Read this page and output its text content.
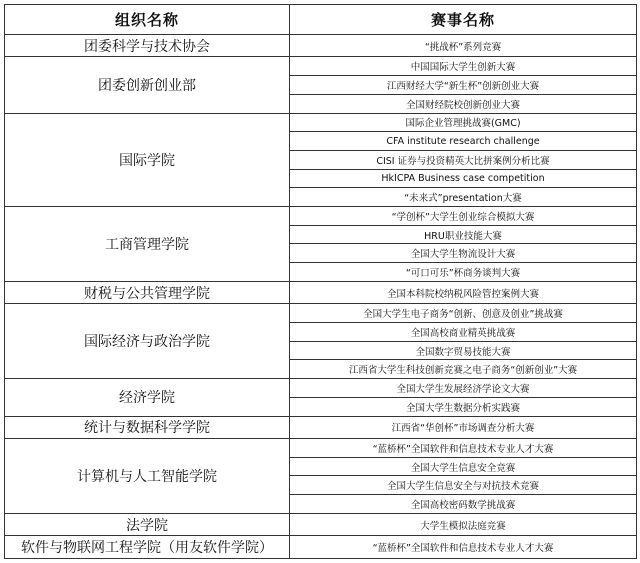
组织名称	赛事名称
团委科学与技术协会	“挑战杯”系列竞赛
团委创新创业部	中国国际大学生创新大赛
	江西财经大学“新生杯”创新创业大赛
	全国财经院校创新创业大赛
国际学院	国际企业管理挑战赛(GMC)
	CFA institute research challenge
	CISI 证券与投资精英大比拼案例分析比赛
	HkICPA Business case competition
	“未来式”presentation大赛
工商管理学院	“学创杯”大学生创业综合模拟大赛
	HRU职业技能大赛
	全国大学生物流设计大赛
	“可口可乐”杯商务谈判大赛
财税与公共管理学院	全国本科院校纳税风险管控案例大赛
国际经济与政治学院	全国大学生电子商务“创新、创意及创业”挑战赛
	全国高校商业精英挑战赛
	全国数字贸易技能大赛
	江西省大学生科技创新竞赛之电子商务“创新创业”大赛
经济学院	全国大学生发展经济学论文大赛
	全国大学生数据分析实践赛
统计与数据科学学院	江西省“华创杯”市场调查分析大赛
计算机与人工智能学院	“蓝桥杯”全国软件和信息技术专业人才大赛
	全国大学生信息安全竞赛
	全国大学生信息安全与对抗技术竞赛
	全国高校密码数学挑战赛
法学院	大学生模拟法庭竞赛
软件与物联网工程学院（用友软件学院）	“蓝桥杯”全国软件和信息技术专业人才大赛
